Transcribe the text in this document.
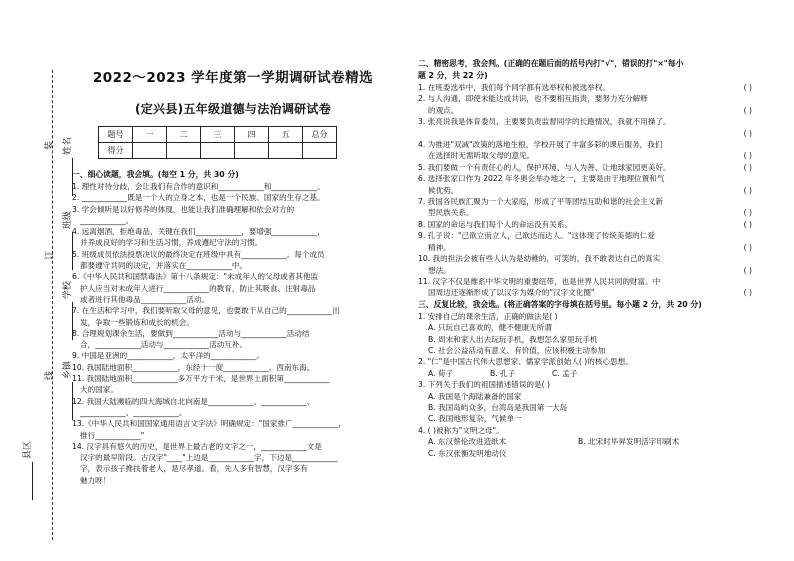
装
订
线
姓名
班级
学校
乡镇
县区

2022～2023 学年度第一学期调研试卷精选

(定兴县)五年级道德与法治调研试卷

题号	一	二	三	四	五	总分
得分						

一、细心读题，我会填。(每空 1 分，共 30 分)

1. 理性对待分歧，会让我们有合作的意识和____________和____________。

2. ____________既是一个人的立身之本，也是一个民族、国家的生存之基。

3. 学会倾听是以好修养的体现，也能让我们准确理解和依会对方的

____________。

4. 远离烟酒，拒绝毒品，关键在我们____________，要增强____________，

并养成良好的学习和生活习惯，养成遵纪守法的习惯。

5. 班级成员依法投票决议的最终决定在班级中具有____________。每个成员

都要遵守共同的决定，并落实在____________中。

6.《中华人民共和国禁毒法》第十八条规定："未成年人的父母或者其他监

护人应当对未成年人进行____________的教育，防止其吸食、注射毒品

或者进行其他毒品____________活动。

7. 在生活和学习中，我们要听取父母的意见，也要敢于从自己的____________出

发，争取一些锻炼和成长的机会。

8. 合理规划课余生活，要做到____________活动与____________活动结

合，____________活动与____________活动互补。

9. 中国是亚洲的____________，太平洋的____________。

10. 我国陆地面积____________，东经十一度____________，西南东海。

11. 我国陆地面积____________多万平方千米，是世界上面积第____________

大的国家。

12. 我国大陆濒临的四大海域自北向南是____________、____________、

____________、____________。

13.《中华人民共和国国家通用语言文字法》明确规定："国家推广____________，

推行____________"

14. 汉字具有悠久的历史，是世界上最古老的文字之一，____________文是

汉字的最早阶段。古汉字"____"上边是____________字，下边是____________

字，表示孩子搀扶着老人，是尽孝道。看，先人多有智慧，汉字多有

魅力呀！

二、精密思考，我会判。(正确的在题后面的括号内打"√"，错误的打"×"每小

题 2 分，共 22 分)

1. 在班委选举中，我们每个同学都有选举权和被选举权。	( )

2. 与人沟通，即使未能达成共识，也不要相互指责，要努力充分解释

的观点。	( )

3. 张亮说我是体育委员，主要要负责监督同学的长跑情况，我就不用操了。

( )

4. 为推进"双减"改策的落地生根，学校开展了丰富多彩的课后服务，我们

在选择时无需听取父母的意见。	( )

5. 我们要做一个有责任心的人，保护环境、与人为善、让地球家园更美好。	( )

6. 选择张家口作为 2022 年冬奥会举办地之一，主要是由于地理位置和气

候优势。	( )

7. 我国各民族汇聚为一个大家庭，形成了平等团结互助和谐的社会主义新

型民族关系。	( )

8. 国家的命运与我们每个人的命运没有关系。	( )

9. 孔子说："己欲立而立人，己欲达而达人。"这体现了传统美德的仁爱

精神。	( )

10. 我的担法会被有些人认为是幼稚的，可笑的，我不敢表达自己的真实

想法。	( )

11. 汉字不仅是维系中华文明的重要纽带，也是世界人民共同的财富。中

国周边还逐渐形成了以汉字为媒介的"汉字文化圈"	( )

三、反复比较，我会选。(将正确答案的字母填在括号里。每小题 2 分，共 20 分)

1. 安排自己的课余生活，正确的做法是( )

A. 只玩自己喜欢的，健不健康无所谓

B. 周末和家人出去玩玩手机，我想怎么家里玩手机

C. 社会公益活动有意义、有价值，应该积极主动参加

2. "仁"是中国古代伟大思想家、儒家学派创始人( )的核心思想。

A. 荀子	B. 孔子	C. 孟子

3. 下列关于我们的祖国描述错误的是( )

A. 我国是个海陆兼备的国家

B. 我国岛屿众多，台湾岛是我国第一大岛

C. 我国地形复杂，气候单一

4. ( )被称为"文明之母"。

A. 东汉蔡伦改进造纸术	B. 北宋时毕昇发明活字印刷术C. 东汉张衡发明地动仪
